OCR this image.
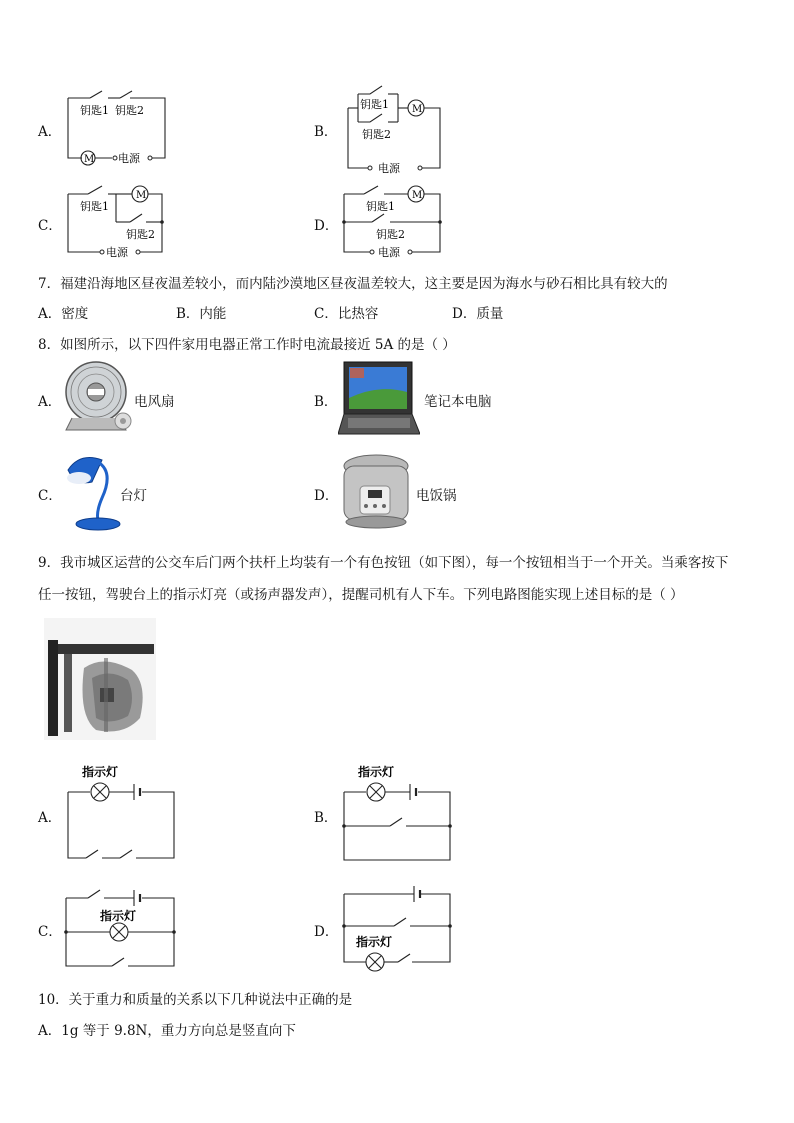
A．
M 电源
钥匙1 钥匙2
B．
M
钥匙1
钥匙2
电源
C．
M
钥匙1
钥匙2
电源
D．
M
钥匙1
钥匙2
电源
7．福建沿海地区昼夜温差较小，而内陆沙漠地区昼夜温差较大，这主要是因为海水与砂石相比具有较大的
A．密度	B．内能	C．比热容	D．质量
8．如图所示，以下四件家用电器正常工作时电流最接近 5A 的是（ ）
A．	电风扇	B．	笔记本电脑
C．	台灯	D．	电饭锅
9．我市城区运营的公交车后门两个扶杆上均装有一个有色按钮（如下图），每一个按钮相当于一个开关。当乘客按下
任一按钮，驾驶台上的指示灯亮（或扬声器发声），提醒司机有人下车。下列电路图能实现上述目标的是（ ）
A．
指示灯
B．
指示灯
C．
指示灯
D．
指示灯
10．关于重力和质量的关系以下几种说法中正确的是
A．1g 等于 9.8N，重力方向总是竖直向下
